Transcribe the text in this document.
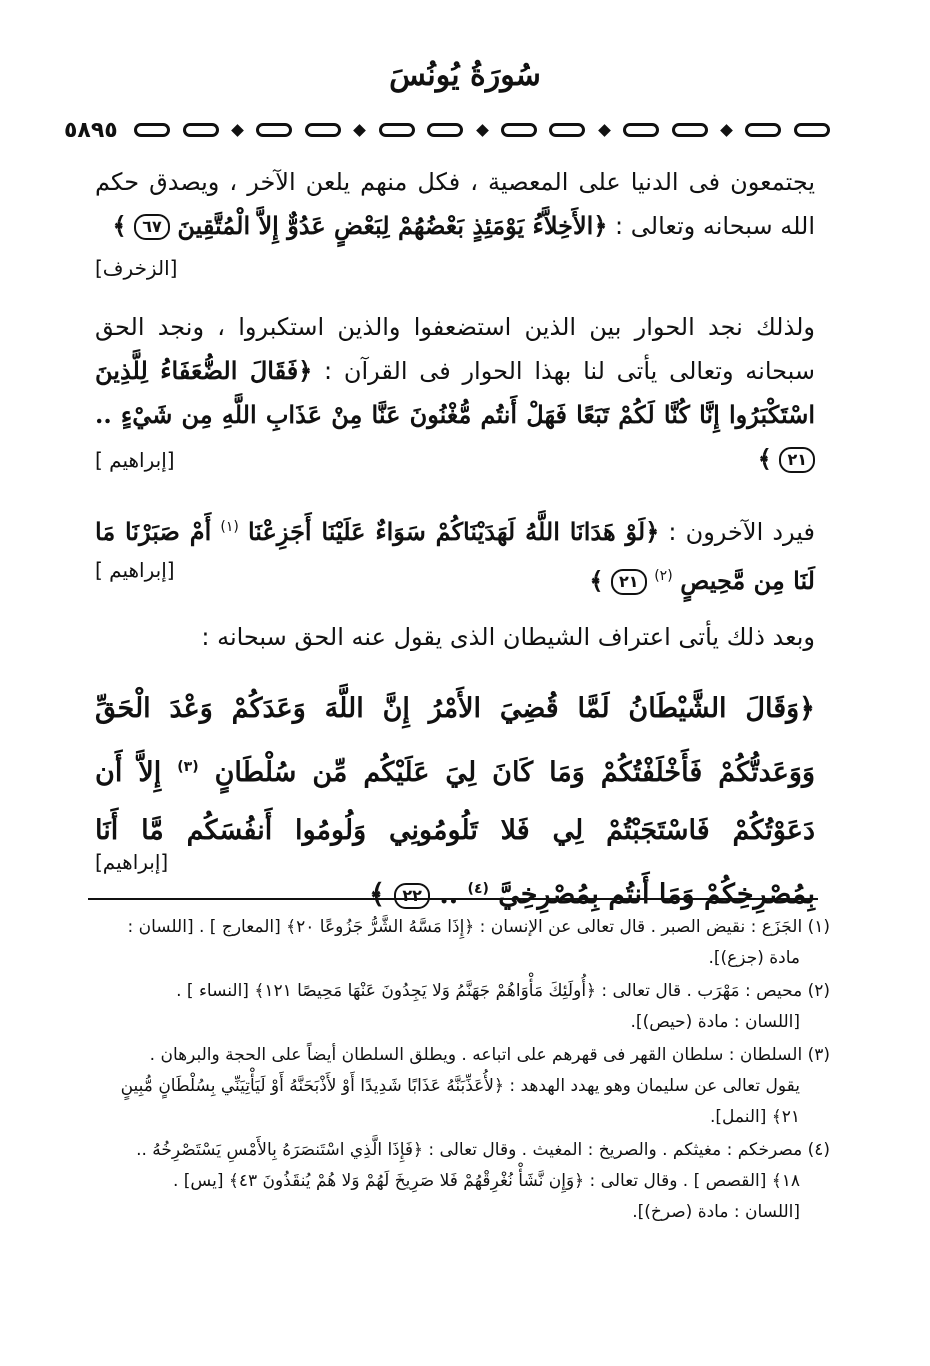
سُورَةُ يُونُسَ
٥٨٩٥
يجتمعون فى الدنيا على المعصية ، فكل منهم يلعن الآخر ، ويصدق حكم الله سبحانه وتعالى : ﴿الأَخِلاَّءُ يَوْمَئِذٍ بَعْضُهُمْ لِبَعْضٍ عَدُوٌّ إِلاَّ الْمُتَّقِينَ ٦٧ ﴾
[الزخرف]
ولذلك نجد الحوار بين الذين استضعفوا والذين استكبروا ، ونجد الحق سبحانه وتعالى يأتى لنا بهذا الحوار فى القرآن : ﴿فَقَالَ الضُّعَفَاءُ لِلَّذِينَ اسْتَكْبَرُوا إِنَّا كُنَّا لَكُمْ تَبَعًا فَهَلْ أَنتُم مُّغْنُونَ عَنَّا مِنْ عَذَابِ اللَّهِ مِن شَيْءٍ .. ٢١ ﴾
[إبراهيم ]
فيرد الآخرون : ﴿لَوْ هَدَانَا اللَّهُ لَهَدَيْنَاكُمْ سَوَاءٌ عَلَيْنَا أَجَزِعْنَا $^{(١)}$ أَمْ صَبَرْنَا مَا لَنَا مِن مَّحِيصٍ $^{(٢)}$ ٢١ ﴾
[إبراهيم ]
وبعد ذلك يأتى اعتراف الشيطان الذى يقول عنه الحق سبحانه :
﴿وَقَالَ الشَّيْطَانُ لَمَّا قُضِيَ الأَمْرُ إِنَّ اللَّهَ وَعَدَكُمْ وَعْدَ الْحَقِّ وَوَعَدتُّكُمْ فَأَخْلَفْتُكُمْ وَمَا كَانَ لِيَ عَلَيْكُم مِّن سُلْطَانٍ $^{(٣)}$ إِلاَّ أَن دَعَوْتُكُمْ فَاسْتَجَبْتُمْ لِي فَلا تَلُومُونِي وَلُومُوا أَنفُسَكُم مَّا أَنَا بِمُصْرِخِكُمْ وَمَا أَنتُم بِمُصْرِخِيَّ $^{(٤)}$ .. ٢٢ ﴾
[إبراهيم]
(١) الجَزَع : نقيض الصبر . قال تعالى عن الإنسان : ﴿إِذَا مَسَّهُ الشَّرُّ جَزُوعًا ٢٠﴾ [المعارج ] . [اللسان :
مادة (جزع)].
(٢) محيص : مَهْرَب . قال تعالى : ﴿أُولَئِكَ مَأْوَاهُمْ جَهَنَّمُ وَلا يَجِدُونَ عَنْهَا مَحِيصًا ١٢١﴾ [النساء ] .
[اللسان : مادة (حيص)].
(٣) السلطان : سلطان القهر فى قهرهم على اتباعه . ويطلق السلطان أيضاً على الحجة والبرهان .
يقول تعالى عن سليمان وهو يهدد الهدهد : ﴿لأُعَذِّبَنَّهُ عَذَابًا شَدِيدًا أَوْ لأَذْبَحَنَّهُ أَوْ لَيَأْتِيَنِّي بِسُلْطَانٍ مُّبِينٍ
٢١﴾ [النمل].
(٤) مصرخكم : مغيثكم . والصريخ : المغيث . وقال تعالى : ﴿فَإِذَا الَّذِي اسْتَنصَرَهُ بِالأَمْسِ يَسْتَصْرِخُهُ ..
١٨﴾ [القصص ] . وقال تعالى : ﴿وَإِن نَّشَأْ نُغْرِقْهُمْ فَلا صَرِيخَ لَهُمْ وَلا هُمْ يُنقَذُونَ ٤٣﴾ [يس] .
[اللسان : مادة (صرخ)].
